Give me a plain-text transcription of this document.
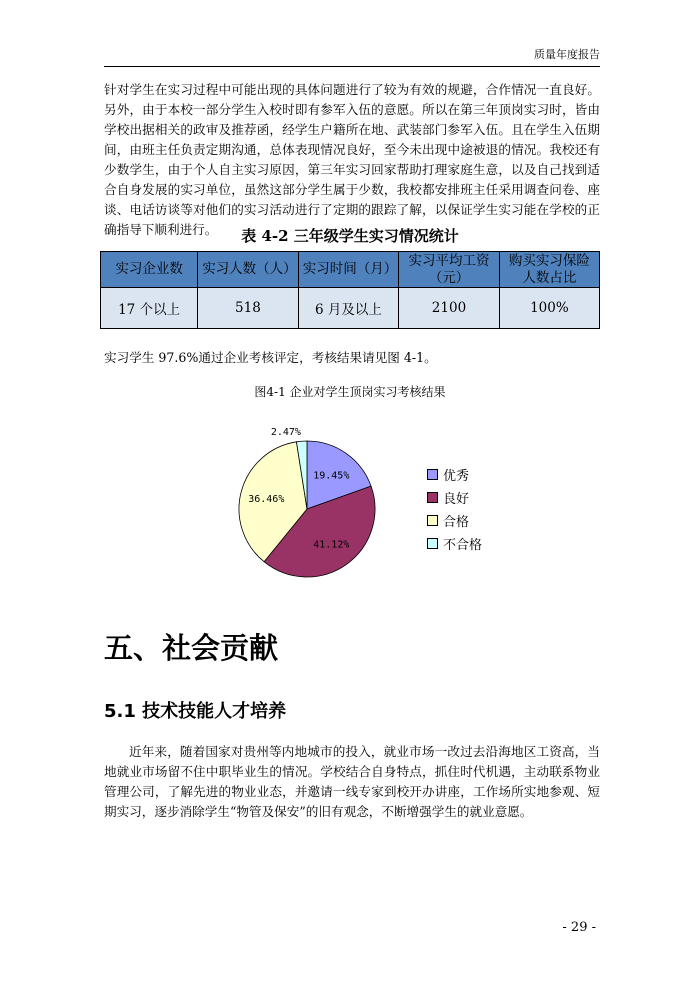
质量年度报告

针对学生在实习过程中可能出现的具体问题进行了较为有效的规避，合作情况一直良好。另外，由于本校一部分学生入校时即有参军入伍的意愿。所以在第三年顶岗实习时，皆由学校出据相关的政审及推荐函，经学生户籍所在地、武装部门参军入伍。且在学生入伍期间，由班主任负责定期沟通，总体表现情况良好，至今未出现中途被退的情况。我校还有少数学生，由于个人自主实习原因，第三年实习回家帮助打理家庭生意，以及自己找到适合自身发展的实习单位，虽然这部分学生属于少数，我校都安排班主任采用调查问卷、座谈、电话访谈等对他们的实习活动进行了定期的跟踪了解，以保证学生实习能在学校的正确指导下顺利进行。	表 4-2 三年级学生实习情况统计
实习企业数	实习人数（人）	实习时间（月）	实习平均工资（元）	购买实习保险人数占比
17 个以上	518	6 月及以上	2100	100%

实习学生 97.6%通过企业考核评定，考核结果请见图 4-1。

图4-1 企业对学生顶岗实习考核结果
19.45%
41.12%
36.46%
2.47%
优秀
良好
合格
不合格
五、社会贡献
5.1 技术技能人才培养

近年来，随着国家对贵州等内地城市的投入，就业市场一改过去沿海地区工资高，当地就业市场留不住中职毕业生的情况。学校结合自身特点，抓住时代机遇，主动联系物业管理公司，了解先进的物业业态，并邀请一线专家到校开办讲座，工作场所实地参观、短期实习，逐步消除学生“物管及保安”的旧有观念，不断增强学生的就业意愿。

- 29 -
